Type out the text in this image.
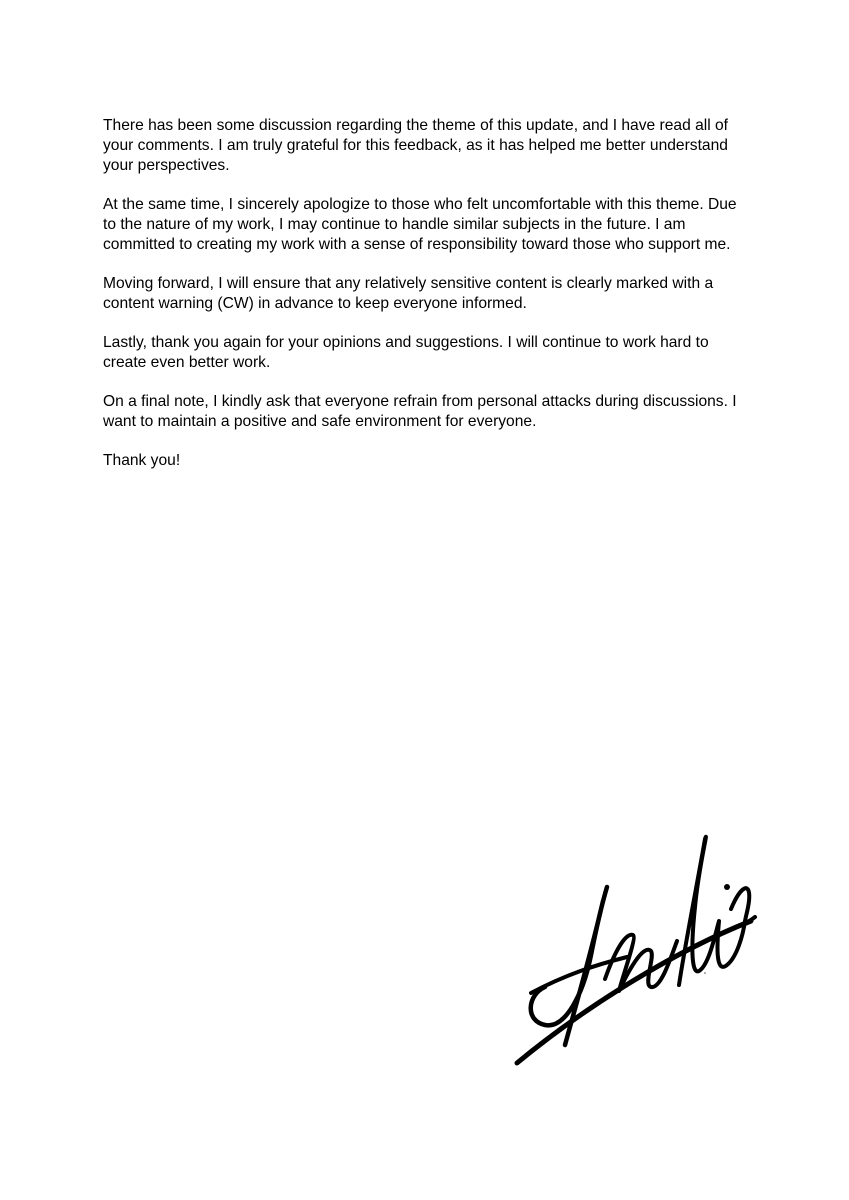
There has been some discussion regarding the theme of this update, and I have read all of your comments. I am truly grateful for this feedback, as it has helped me better understand your perspectives.

At the same time, I sincerely apologize to those who felt uncomfortable with this theme. Due to the nature of my work, I may continue to handle similar subjects in the future. I am committed to creating my work with a sense of responsibility toward those who support me.

Moving forward, I will ensure that any relatively sensitive content is clearly marked with a content warning (CW) in advance to keep everyone informed.

Lastly, thank you again for your opinions and suggestions. I will continue to work hard to create even better work.

On a final note, I kindly ask that everyone refrain from personal attacks during discussions. I want to maintain a positive and safe environment for everyone.

Thank you!
